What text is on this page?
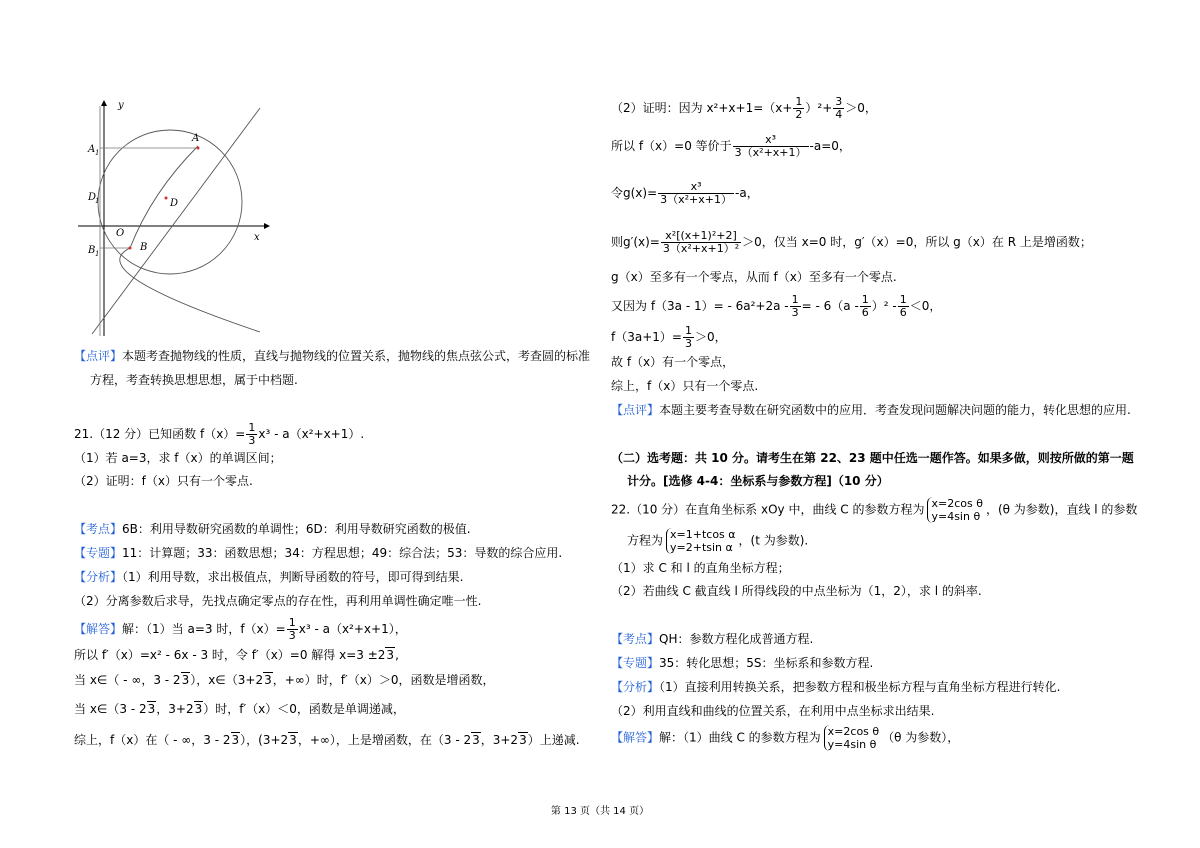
y
x
A
A 1
D
1	D
O
B
B 1
【点评】本题考查抛物线的性质，直线与抛物线的位置关系，抛物线的焦点弦公式，考查圆的标准
方程，考查转换思想思想，属于中档题.
21.（12 分）已知函数 $f(x)= \frac{1}{3} x^3 - a(x^2+x+1)$.
（1）若 a=3，求 f（x）的单调区间；
（2）证明：f（x）只有一个零点.
【考点】6B：利用导数研究函数的单调性；6D：利用导数研究函数的极值.
【专题】11：计算题；33：函数思想；34：方程思想；49：综合法；53：导数的综合应用.
【分析】（1）利用导数，求出极值点，判断导函数的符号，即可得到结果.
（2）分离参数后求导，先找点确定零点的存在性，再利用单调性确定唯一性.
【解答】解：（1）当 a=3 时，$f(x)= \frac{1}{3} x^3 - a(x^2+x+1)$，
所以 f′（x）=x² - 6x - 3 时，令 f′（x）=0 解得 x=3 ±23,
当 x∈（ - ∞，3 - 23），x∈（3+23，+∞）时，f′（x）＞0，函数是增函数，
当 x∈（3 - 23，3+23）时，f′（x）＜0，函数是单调递减，
综上，f（x）在（ - ∞，3 - 23），(3+23，+∞），上是增函数，在（3 - 23，3+23）上递减.
（2）证明：因为 $x^2+x+1=(x+ \frac{1}{2} )^2+ \frac{3}{4} >0$，
所以 f（x）=0 等价于 $\frac{\text{x³}}{\text{3（x²+x+1）}} -a=0$，
令$g(x)= \frac{\text{x³}}{\text{3（x²+x+1）}} -a$，
则$g'(x)= \frac{\text{x²[(x+1)²+2]}}{\text{3（x²+x+1）²}} >0$，仅当 x=0 时，g′（x）=0，所以 g（x）在 R 上是增函数；
g（x）至多有一个零点，从而 f（x）至多有一个零点.
又因为 $f(3a - 1)= - 6a^2+2a - \frac{1}{3}$ = - $6(a - \frac{1}{6} )^2 - \frac{1}{6} <0$，
$f(3a+1)= \frac{1}{3} >0$，
故 f（x）有一个零点，
综上，f（x）只有一个零点.
【点评】本题主要考查导数在研究函数中的应用．考查发现问题解决问题的能力，转化思想的应用.
（二）选考题：共 10 分。请考生在第 22、23 题中任选一题作答。如果多做，则按所做的第一题
计分。[选修 4-4：坐标系与参数方程]（10 分）
22.（10 分）在直角坐标系 xOy 中，曲线 C 的参数方程为 x=2cos θ
y=4sin θ ，(θ 为参数)，直线 l 的参数
方程为 x=1+tcos α
y=2+tsin α ，(t 为参数).
（1）求 C 和 l 的直角坐标方程；
（2）若曲线 C 截直线 l 所得线段的中点坐标为（1，2），求 l 的斜率.
【考点】QH：参数方程化成普通方程.
【专题】35：转化思想；5S：坐标系和参数方程.
【分析】（1）直接利用转换关系，把参数方程和极坐标方程与直角坐标方程进行转化.
（2）利用直线和曲线的位置关系，在利用中点坐标求出结果.
【解答】解：（1）曲线 C 的参数方程为 x=2cos θ
y=4sin θ （θ 为参数），
第 13 页（共 14 页）
